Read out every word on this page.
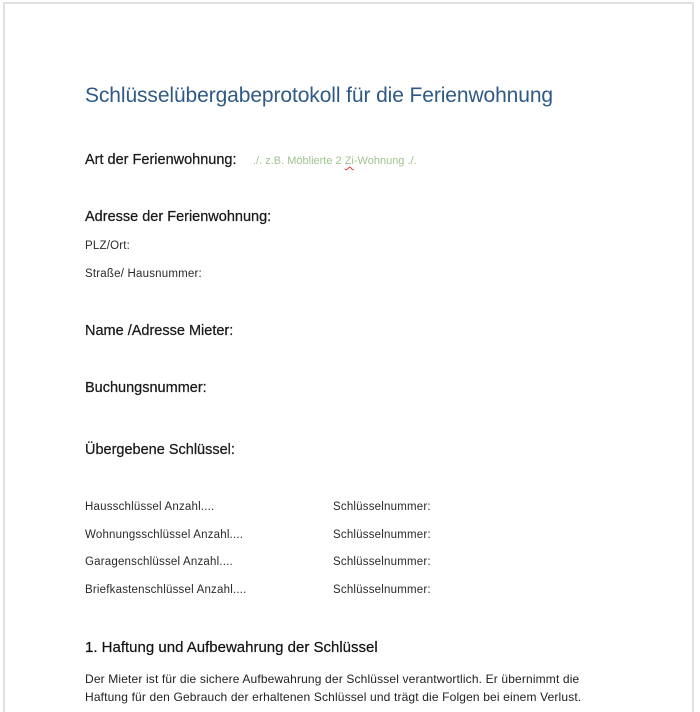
Schlüsselübergabeprotokoll für die Ferienwohnung
Art der Ferienwohnung: ./. z.B. Möblierte 2 Zi-Wohnung ./.
Adresse der Ferienwohnung:
PLZ/Ort:
Straße/ Hausnummer:
Name /Adresse Mieter:
Buchungsnummer:
Übergebene Schlüssel:
Hausschlüssel Anzahl....	Schlüsselnummer:
Wohnungsschlüssel Anzahl....	Schlüsselnummer:
Garagenschlüssel Anzahl....	Schlüsselnummer:
Briefkastenschlüssel Anzahl....	Schlüsselnummer:
1. Haftung und Aufbewahrung der Schlüssel
Der Mieter ist für die sichere Aufbewahrung der Schlüssel verantwortlich. Er übernimmt die
Haftung für den Gebrauch der erhaltenen Schlüssel und trägt die Folgen bei einem Verlust.
